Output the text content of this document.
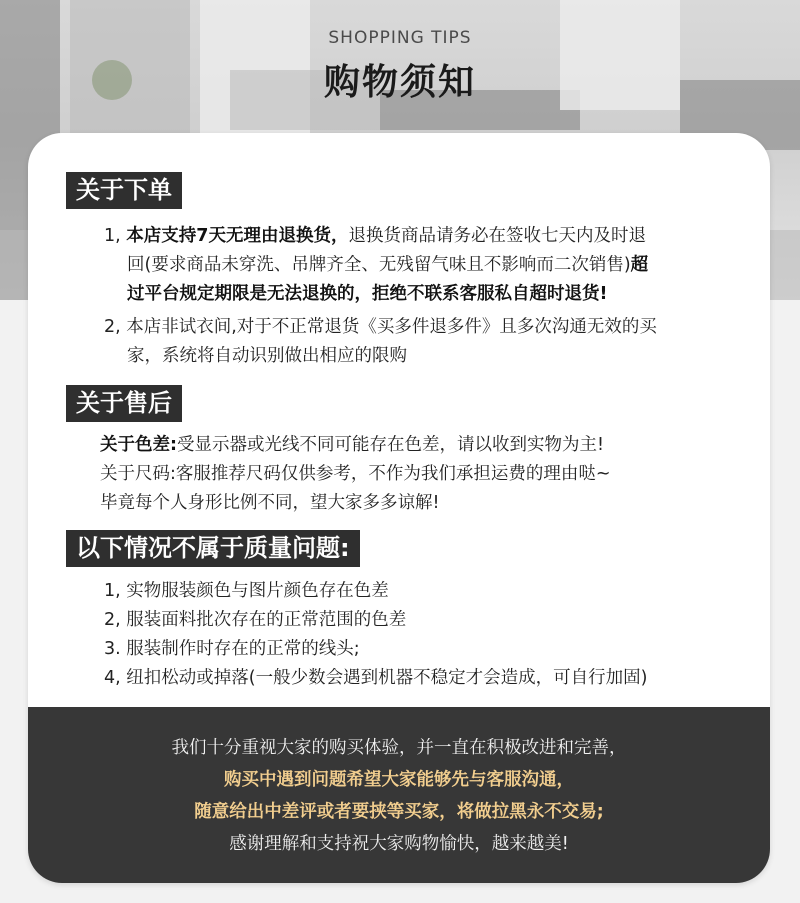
SHOPPING TIPS
购物须知
关于下单
1, 本店支持7天无理由退换货，退换货商品请务必在签收七天内及时退
回(要求商品未穿洗、吊牌齐全、无残留气味且不影响而二次销售)超
过平台规定期限是无法退换的，拒绝不联系客服私自超时退货!
2, 本店非试衣间,对于不正常退货《买多件退多件》且多次沟通无效的买
家，系统将自动识别做出相应的限购
关于售后
关于色差:受显示器或光线不同可能存在色差，请以收到实物为主!
关于尺码:客服推荐尺码仅供参考，不作为我们承担运费的理由哒~
毕竟每个人身形比例不同，望大家多多谅解!
以下情况不属于质量问题:
1, 实物服装颜色与图片颜色存在色差
2, 服装面料批次存在的正常范围的色差
3. 服装制作时存在的正常的线头;
4, 纽扣松动或掉落(一般少数会遇到机器不稳定才会造成，可自行加固)
我们十分重视大家的购买体验，并一直在积极改进和完善，
购买中遇到问题希望大家能够先与客服沟通，
随意给出中差评或者要挟等买家，将做拉黑永不交易;
感谢理解和支持祝大家购物愉快，越来越美!
